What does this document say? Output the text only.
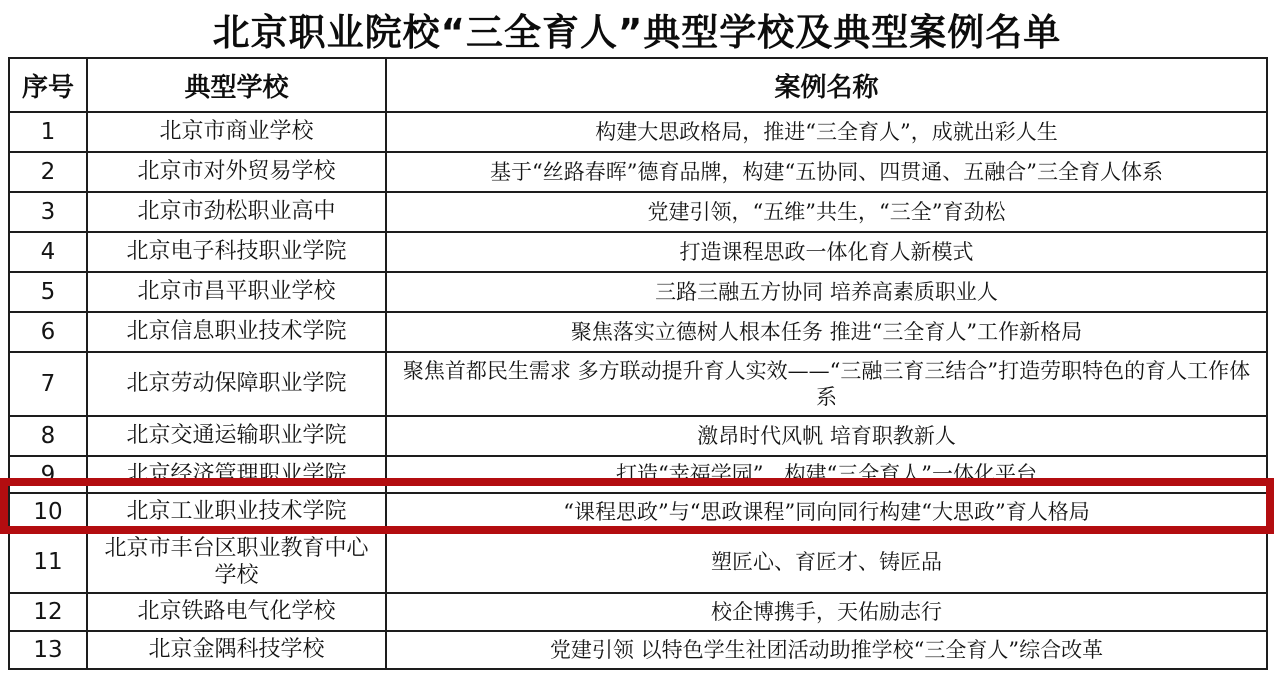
北京职业院校“三全育人”典型学校及典型案例名单
序号	典型学校	案例名称
1	北京市商业学校	构建大思政格局，推进“三全育人”，成就出彩人生
2	北京市对外贸易学校	基于“丝路春晖”德育品牌，构建“五协同、四贯通、五融合”三全育人体系
3	北京市劲松职业高中	党建引领，“五维”共生，“三全”育劲松
4	北京电子科技职业学院	打造课程思政一体化育人新模式
5	北京市昌平职业学校	三路三融五方协同 培养高素质职业人
6	北京信息职业技术学院	聚焦落实立德树人根本任务 推进“三全育人”工作新格局
7	北京劳动保障职业学院	聚焦首都民生需求 多方联动提升育人实效——“三融三育三结合”打造劳职特色的育人工作体系
8	北京交通运输职业学院	激昂时代风帆 培育职教新人
9	北京经济管理职业学院	打造“幸福学园”，构建“三全育人”一体化平台
10	北京工业职业技术学院	“课程思政”与“思政课程”同向同行构建“大思政”育人格局
11	北京市丰台区职业教育中心学校	塑匠心、育匠才、铸匠品
12	北京铁路电气化学校	校企博携手，天佑励志行
13	北京金隅科技学校	党建引领 以特色学生社团活动助推学校“三全育人”综合改革
